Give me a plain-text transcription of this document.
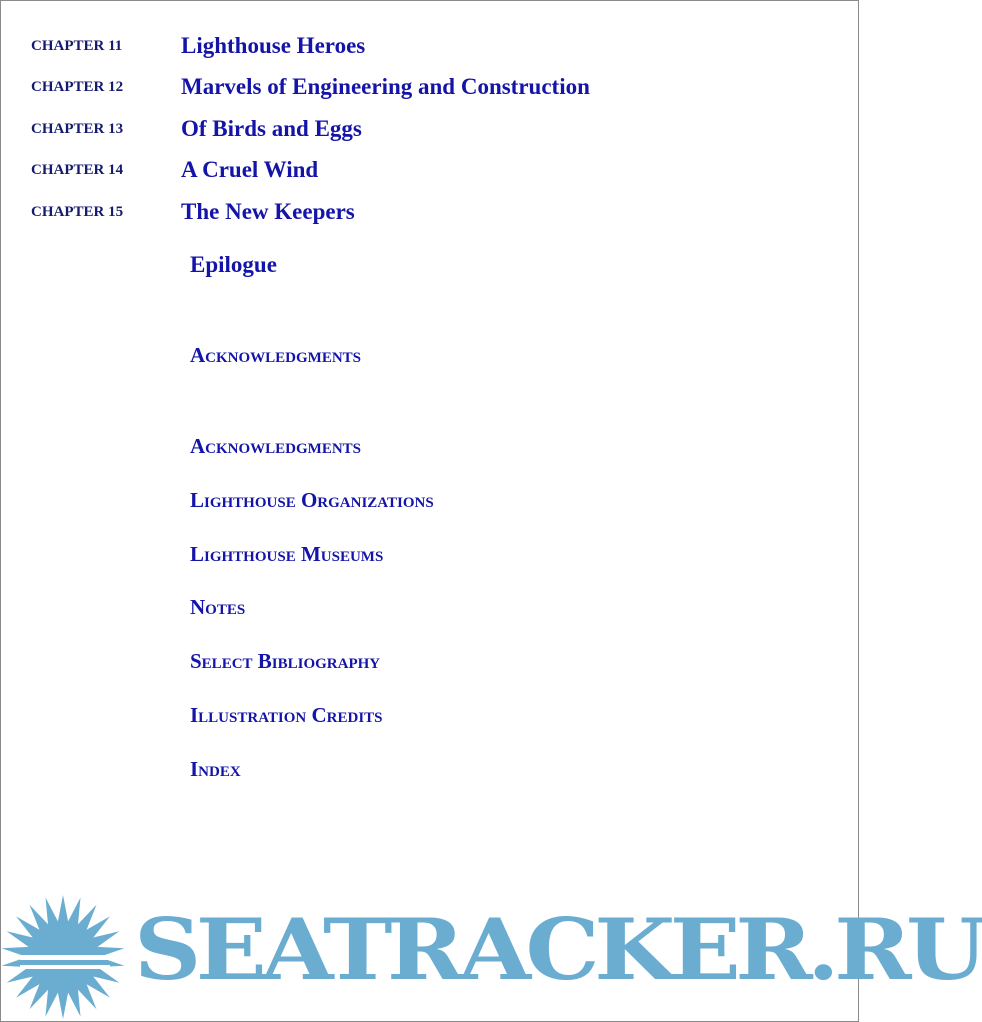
CHAPTER 11	Lighthouse Heroes
CHAPTER 12	Marvels of Engineering and Construction
CHAPTER 13	Of Birds and Eggs
CHAPTER 14	A Cruel Wind
CHAPTER 15	The New Keepers
Epilogue
Acknowledgments
Acknowledgments
Lighthouse Organizations
Lighthouse Museums
Notes
Select Bibliography
Illustration Credits
Index
SEATRACKER.RU
